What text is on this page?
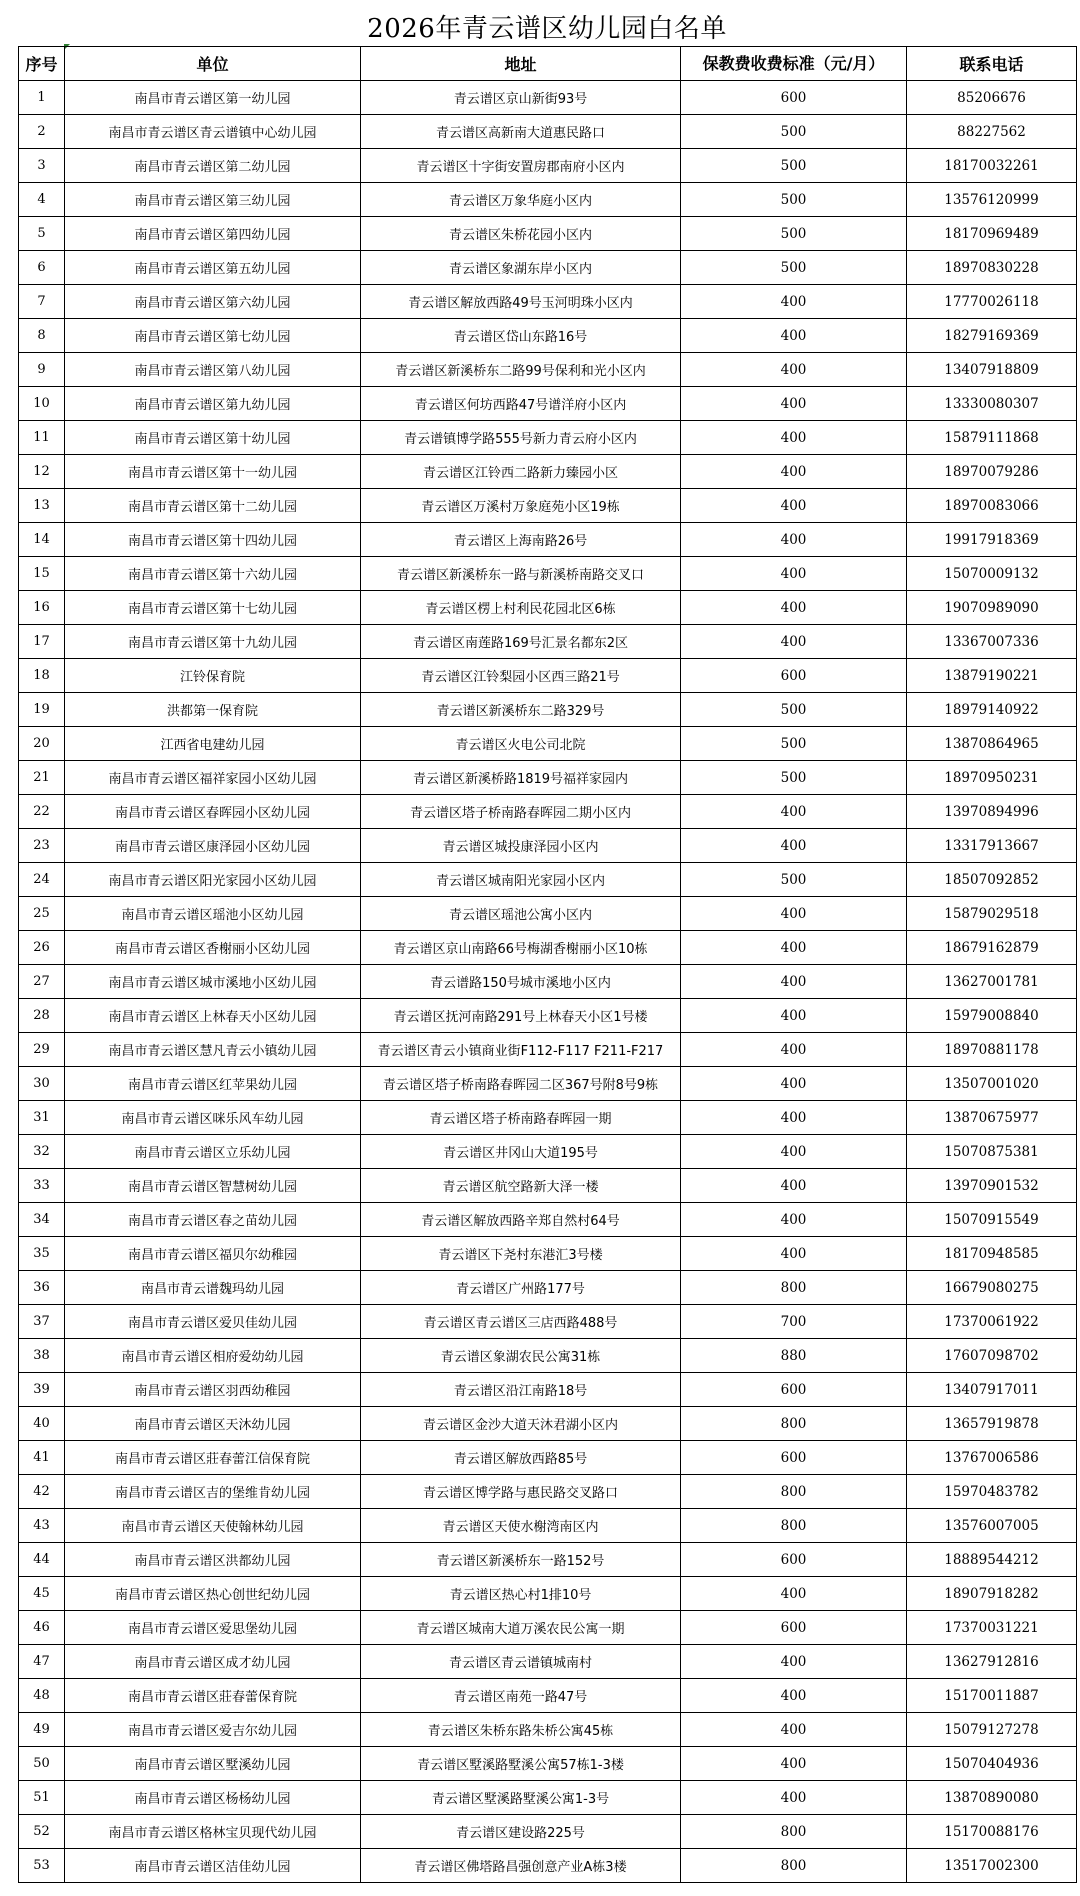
2026年青云谱区幼儿园白名单
序号	单位	地址	保教费收费标准（元/月）	联系电话
1	南昌市青云谱区第一幼儿园	青云谱区京山新街93号	600	85206676
2	南昌市青云谱区青云谱镇中心幼儿园	青云谱区高新南大道惠民路口	500	88227562
3	南昌市青云谱区第二幼儿园	青云谱区十字街安置房郡南府小区内	500	18170032261
4	南昌市青云谱区第三幼儿园	青云谱区万象华庭小区内	500	13576120999
5	南昌市青云谱区第四幼儿园	青云谱区朱桥花园小区内	500	18170969489
6	南昌市青云谱区第五幼儿园	青云谱区象湖东岸小区内	500	18970830228
7	南昌市青云谱区第六幼儿园	青云谱区解放西路49号玉河明珠小区内	400	17770026118
8	南昌市青云谱区第七幼儿园	青云谱区岱山东路16号	400	18279169369
9	南昌市青云谱区第八幼儿园	青云谱区新溪桥东二路99号保利和光小区内	400	13407918809
10	南昌市青云谱区第九幼儿园	青云谱区何坊西路47号谱洋府小区内	400	13330080307
11	南昌市青云谱区第十幼儿园	青云谱镇博学路555号新力青云府小区内	400	15879111868
12	南昌市青云谱区第十一幼儿园	青云谱区江铃西二路新力臻园小区	400	18970079286
13	南昌市青云谱区第十二幼儿园	青云谱区万溪村万象庭苑小区19栋	400	18970083066
14	南昌市青云谱区第十四幼儿园	青云谱区上海南路26号	400	19917918369
15	南昌市青云谱区第十六幼儿园	青云谱区新溪桥东一路与新溪桥南路交叉口	400	15070009132
16	南昌市青云谱区第十七幼儿园	青云谱区楞上村利民花园北区6栋	400	19070989090
17	南昌市青云谱区第十九幼儿园	青云谱区南莲路169号汇景名都东2区	400	13367007336
18	江铃保育院	青云谱区江铃梨园小区西三路21号	600	13879190221
19	洪都第一保育院	青云谱区新溪桥东二路329号	500	18979140922
20	江西省电建幼儿园	青云谱区火电公司北院	500	13870864965
21	南昌市青云谱区福祥家园小区幼儿园	青云谱区新溪桥路1819号福祥家园内	500	18970950231
22	南昌市青云谱区春晖园小区幼儿园	青云谱区塔子桥南路春晖园二期小区内	400	13970894996
23	南昌市青云谱区康泽园小区幼儿园	青云谱区城投康泽园小区内	400	13317913667
24	南昌市青云谱区阳光家园小区幼儿园	青云谱区城南阳光家园小区内	500	18507092852
25	南昌市青云谱区瑶池小区幼儿园	青云谱区瑶池公寓小区内	400	15879029518
26	南昌市青云谱区香榭丽小区幼儿园	青云谱区京山南路66号梅湖香榭丽小区10栋	400	18679162879
27	南昌市青云谱区城市溪地小区幼儿园	青云谱路150号城市溪地小区内	400	13627001781
28	南昌市青云谱区上林春天小区幼儿园	青云谱区抚河南路291号上林春天小区1号楼	400	15979008840
29	南昌市青云谱区慧凡青云小镇幼儿园	青云谱区青云小镇商业街F112-F117 F211-F217	400	18970881178
30	南昌市青云谱区红苹果幼儿园	青云谱区塔子桥南路春晖园二区367号附8号9栋	400	13507001020
31	南昌市青云谱区咪乐风车幼儿园	青云谱区塔子桥南路春晖园一期	400	13870675977
32	南昌市青云谱区立乐幼儿园	青云谱区井冈山大道195号	400	15070875381
33	南昌市青云谱区智慧树幼儿园	青云谱区航空路新大泽一楼	400	13970901532
34	南昌市青云谱区春之苗幼儿园	青云谱区解放西路辛郑自然村64号	400	15070915549
35	南昌市青云谱区福贝尔幼稚园	青云谱区下尧村东港汇3号楼	400	18170948585
36	南昌市青云谱魏玛幼儿园	青云谱区广州路177号	800	16679080275
37	南昌市青云谱区爱贝佳幼儿园	青云谱区青云谱区三店西路488号	700	17370061922
38	南昌市青云谱区相府爱幼幼儿园	青云谱区象湖农民公寓31栋	880	17607098702
39	南昌市青云谱区羽西幼稚园	青云谱区沿江南路18号	600	13407917011
40	南昌市青云谱区天沐幼儿园	青云谱区金沙大道天沐君湖小区内	800	13657919878
41	南昌市青云谱区莊春蕾江信保育院	青云谱区解放西路85号	600	13767006586
42	南昌市青云谱区吉的堡维肯幼儿园	青云谱区博学路与惠民路交叉路口	800	15970483782
43	南昌市青云谱区天使翰林幼儿园	青云谱区天使水榭湾南区内	800	13576007005
44	南昌市青云谱区洪都幼儿园	青云谱区新溪桥东一路152号	600	18889544212
45	南昌市青云谱区热心创世纪幼儿园	青云谱区热心村1排10号	400	18907918282
46	南昌市青云谱区爱思堡幼儿园	青云谱区城南大道万溪农民公寓一期	600	17370031221
47	南昌市青云谱区成才幼儿园	青云谱区青云谱镇城南村	400	13627912816
48	南昌市青云谱区莊春蕾保育院	青云谱区南苑一路47号	400	15170011887
49	南昌市青云谱区爱吉尔幼儿园	青云谱区朱桥东路朱桥公寓45栋	400	15079127278
50	南昌市青云谱区墅溪幼儿园	青云谱区墅溪路墅溪公寓57栋1-3楼	400	15070404936
51	南昌市青云谱区杨杨幼儿园	青云谱区墅溪路墅溪公寓1-3号	400	13870890080
52	南昌市青云谱区格林宝贝现代幼儿园	青云谱区建设路225号	800	15170088176
53	南昌市青云谱区洁佳幼儿园	青云谱区佛塔路昌强创意产业A栋3楼	800	13517002300
